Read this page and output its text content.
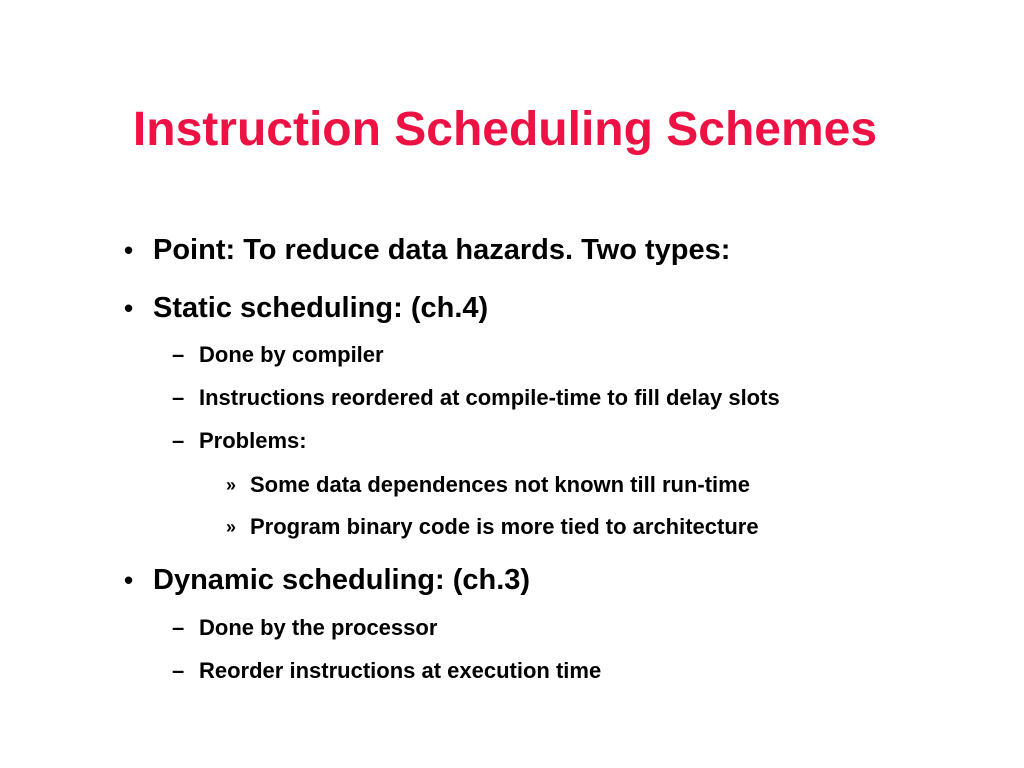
Instruction Scheduling Schemes
• Point: To reduce data hazards. Two types:
• Static scheduling: (ch.4)
– Done by compiler
– Instructions reordered at compile-time to fill delay slots
– Problems:
» Some data dependences not known till run-time
» Program binary code is more tied to architecture
• Dynamic scheduling: (ch.3)
– Done by the processor
– Reorder instructions at execution time
